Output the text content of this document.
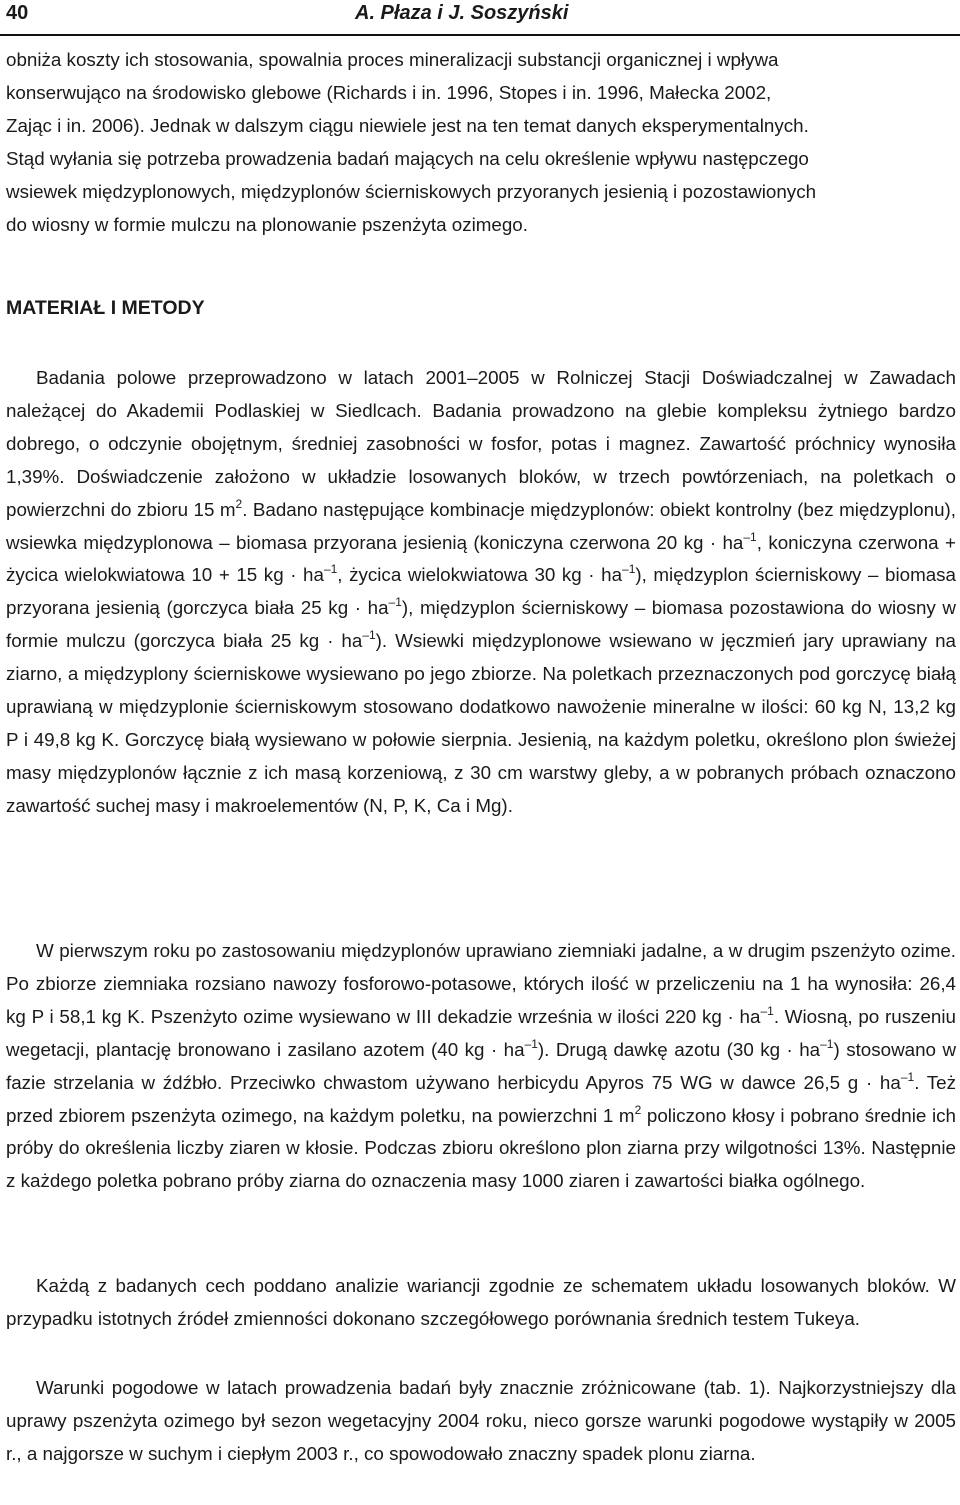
40	A. Płaza i J. Soszyński
obniża koszty ich stosowania, spowalnia proces mineralizacji substancji organicznej i wpływa
konserwująco na środowisko glebowe (Richards i in. 1996, Stopes i in. 1996, Małecka 2002,
Zając i in. 2006). Jednak w dalszym ciągu niewiele jest na ten temat danych eksperymentalnych.
Stąd wyłania się potrzeba prowadzenia badań mających na celu określenie wpływu następczego
wsiewek międzyplonowych, międzyplonów ścierniskowych przyoranych jesienią i pozostawionych
do wiosny w formie mulczu na plonowanie pszenżyta ozimego.
MATERIAŁ I METODY

Badania polowe przeprowadzono w latach 2001–2005 w Rolniczej Stacji Doświadczalnej w Zawadach należącej do Akademii Podlaskiej w Siedlcach. Badania prowadzono na glebie kompleksu żytniego bardzo dobrego, o odczynie obojętnym, średniej zasobności w fosfor, potas i magnez. Zawartość próchnicy wynosiła 1,39%. Doświadczenie założono w układzie losowanych bloków, w trzech powtórzeniach, na poletkach o powierzchni do zbioru 15 $m^2$. Badano następujące kombinacje międzyplonów: obiekt kontrolny (bez międzyplonu), wsiewka międzyplonowa – biomasa przyorana jesienią (koniczyna czerwona 20 kg · $ha^{-1}$, koniczyna czerwona + życica wielokwiatowa 10 + 15 kg · $ha^{-1}$, życica wielokwiatowa 30 kg · $ha^{-1}$), międzyplon ścierniskowy – biomasa przyorana jesienią (gorczyca biała 25 kg · $ha^{-1}$), międzyplon ścierniskowy – biomasa pozostawiona do wiosny w formie mulczu (gorczyca biała 25 kg · $ha^{-1}$). Wsiewki międzyplonowe wsiewano w jęczmień jary uprawiany na ziarno, a międzyplony ścierniskowe wysiewano po jego zbiorze. Na poletkach przeznaczonych pod gorczycę białą uprawianą w międzyplonie ścierniskowym stosowano dodatkowo nawożenie mineralne w ilości: 60 kg N, 13,2 kg P i 49,8 kg K. Gorczycę białą wysiewano w połowie sierpnia. Jesienią, na każdym poletku, określono plon świeżej masy międzyplonów łącznie z ich masą korzeniową, z 30 cm warstwy gleby, a w pobranych próbach oznaczono zawartość suchej masy i makroelementów (N, P, K, Ca i Mg).

W pierwszym roku po zastosowaniu międzyplonów uprawiano ziemniaki jadalne, a w drugim pszenżyto ozime. Po zbiorze ziemniaka rozsiano nawozy fosforowo-potasowe, których ilość w przeliczeniu na 1 ha wynosiła: 26,4 kg P i 58,1 kg K. Pszenżyto ozime wysiewano w III dekadzie września w ilości 220 kg · $ha^{-1}$. Wiosną, po ruszeniu wegetacji, plantację bronowano i zasilano azotem (40 kg · $ha^{-1}$). Drugą dawkę azotu (30 kg · $ha^{-1}$) stosowano w fazie strzelania w źdźbło. Przeciwko chwastom używano herbicydu Apyros 75 WG w dawce 26,5 $g \cdot ha^{-1}$. Też przed zbiorem pszenżyta ozimego, na każdym poletku, na powierzchni 1 $m^2$ policzono kłosy i pobrano średnie ich próby do określenia liczby ziaren w kłosie. Podczas zbioru określono plon ziarna przy wilgotności 13%. Następnie z każdego poletka pobrano próby ziarna do oznaczenia masy 1000 ziaren i zawartości białka ogólnego.

Każdą z badanych cech poddano analizie wariancji zgodnie ze schematem układu losowanych bloków. W przypadku istotnych źródeł zmienności dokonano szczegółowego porównania średnich testem Tukeya.

Warunki pogodowe w latach prowadzenia badań były znacznie zróżnicowane (tab. 1). Najkorzystniejszy dla uprawy pszenżyta ozimego był sezon wegetacyjny 2004 roku, nieco gorsze warunki pogodowe wystąpiły w 2005 r., a najgorsze w suchym i ciepłym 2003 r., co spowodowało znaczny spadek plonu ziarna.
